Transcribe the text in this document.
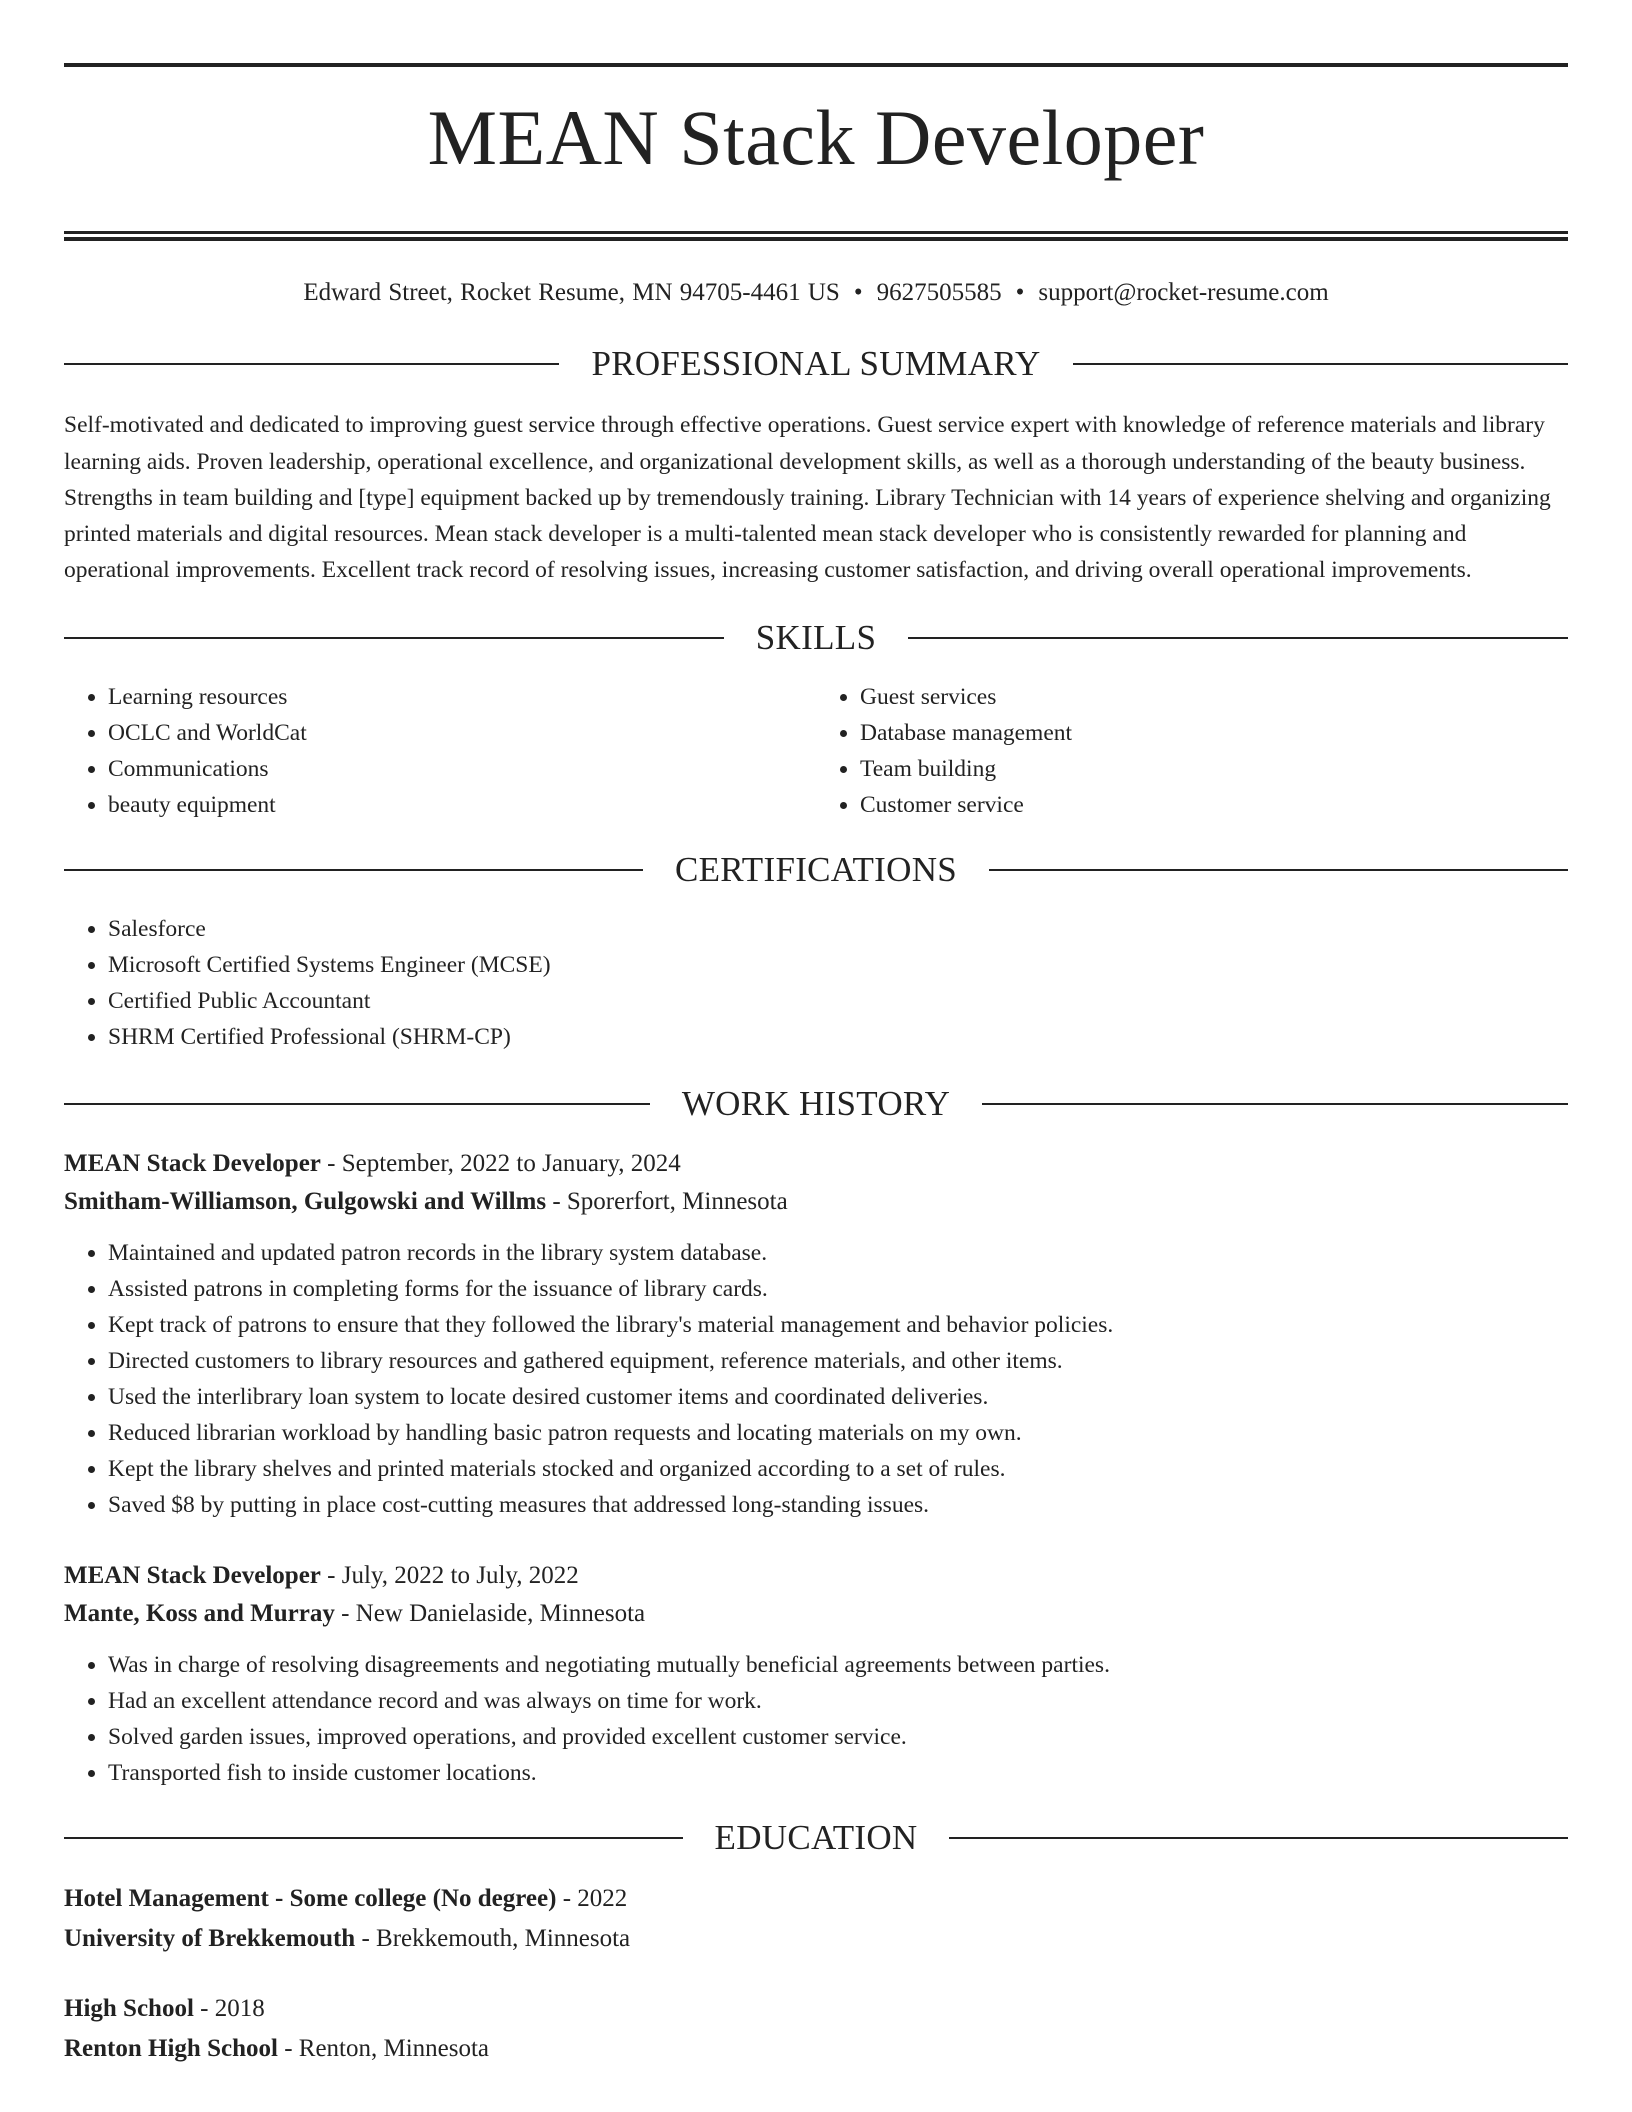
MEAN Stack Developer
Edward Street, Rocket Resume, MN 94705-4461 US • 9627505585 • support@rocket-resume.com
PROFESSIONAL SUMMARY

Self-motivated and dedicated to improving guest service through effective operations. Guest service expert with knowledge of reference materials and library learning aids. Proven leadership, operational excellence, and organizational development skills, as well as a thorough understanding of the beauty business. Strengths in team building and [type] equipment backed up by tremendously training. Library Technician with 14 years of experience shelving and organizing printed materials and digital resources. Mean stack developer is a multi-talented mean stack developer who is consistently rewarded for planning and operational improvements. Excellent track record of resolving issues, increasing customer satisfaction, and driving overall operational improvements.

SKILLS
• Learning resources
• OCLC and WorldCat
• Communications
• beauty equipment
• Guest services
• Database management
• Team building
• Customer service
CERTIFICATIONS
• Salesforce
• Microsoft Certified Systems Engineer (MCSE)
• Certified Public Accountant
• SHRM Certified Professional (SHRM-CP)
WORK HISTORY
MEAN Stack Developer - September, 2022 to January, 2024
Smitham-Williamson, Gulgowski and Willms - Sporerfort, Minnesota
• Maintained and updated patron records in the library system database.
• Assisted patrons in completing forms for the issuance of library cards.
• Kept track of patrons to ensure that they followed the library's material management and behavior policies.
• Directed customers to library resources and gathered equipment, reference materials, and other items.
• Used the interlibrary loan system to locate desired customer items and coordinated deliveries.
• Reduced librarian workload by handling basic patron requests and locating materials on my own.
• Kept the library shelves and printed materials stocked and organized according to a set of rules.
• Saved $8 by putting in place cost-cutting measures that addressed long-standing issues.
MEAN Stack Developer - July, 2022 to July, 2022
Mante, Koss and Murray - New Danielaside, Minnesota
• Was in charge of resolving disagreements and negotiating mutually beneficial agreements between parties.
• Had an excellent attendance record and was always on time for work.
• Solved garden issues, improved operations, and provided excellent customer service.
• Transported fish to inside customer locations.
EDUCATION
Hotel Management - Some college (No degree) - 2022
University of Brekkemouth - Brekkemouth, Minnesota
High School - 2018
Renton High School - Renton, Minnesota
